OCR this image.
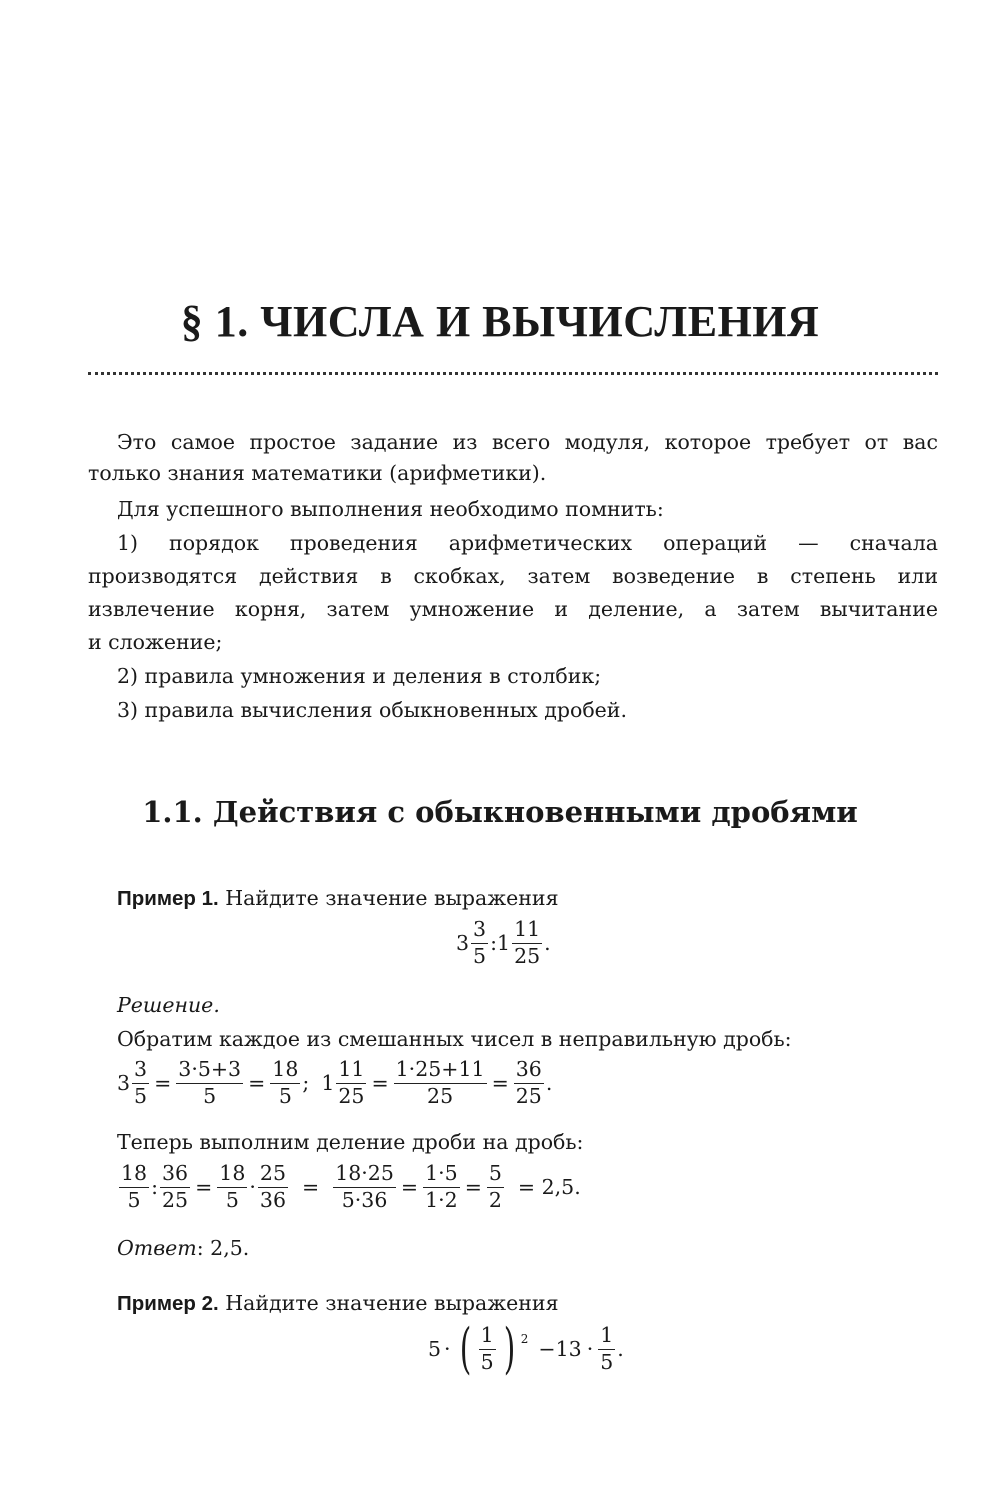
§ 1. ЧИСЛА И ВЫЧИСЛЕНИЯ
Это самое простое задание из всего модуля, которое требует от вас
только знания математики (арифметики).
Для успешного выполнения необходимо помнить:
1) порядок проведения арифметических операций — сначала
производятся действия в скобках, затем возведение в степень или
извлечение корня, затем умножение и деление, а затем вычитание
и сложение;
2) правила умножения и деления в столбик;
3) правила вычисления обыкновенных дробей.
1.1. Действия с обыкновенными дробями
Пример 1. Найдите значение выражения
$3 \frac{3}{5}$ : $1 \frac{11}{25}$ .
Решение.
Обратим каждое из смешанных чисел в неправильную дробь:
$3 \frac{3}{5} = \frac{3\cdot 5+3}{5} = \frac{18}{5}$ ; $1 \frac{11}{25} = \frac{1\cdot 25+11}{25} = \frac{36}{25}$ .
Теперь выполним деление дроби на дробь:
$\frac{18}{5}$ : $\frac{36}{25} = \frac{18}{5} \cdot \frac{25}{36} = \frac{18\cdot 25}{5\cdot 36} = \frac{1\cdot 5}{1\cdot 2} = \frac{5}{2} = 2,5$.
Ответ: 2,5.
Пример 2. Найдите значение выражения
5 · ( $\frac{1}{5}$ ) $2 -13 \cdot \frac{1}{5}$ .
